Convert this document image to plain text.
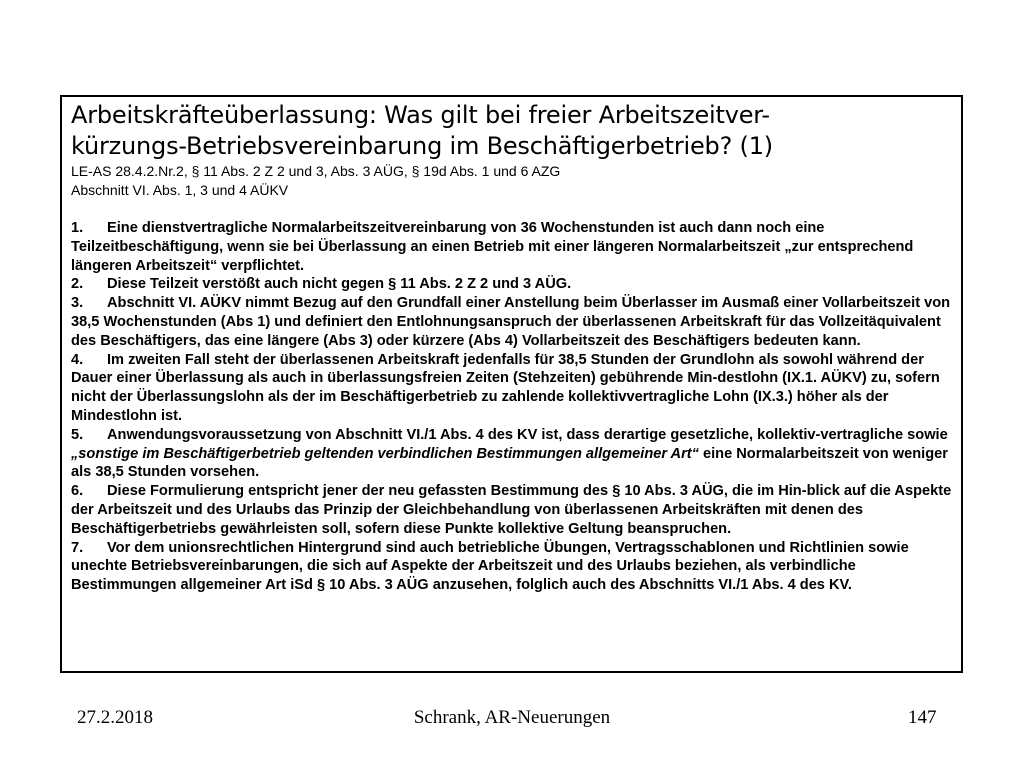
Arbeitskräfteüberlassung: Was gilt bei freier Arbeitszeitver-
kürzungs-Betriebsvereinbarung im Beschäftigerbetrieb? (1)
LE-AS 28.4.2.Nr.2, § 11 Abs. 2 Z 2 und 3, Abs. 3 AÜG, § 19d Abs. 1 und 6 AZG
Abschnitt VI. Abs. 1, 3 und 4 AÜKV
1. Eine dienstvertragliche Normalarbeitszeitvereinbarung von 36 Wochenstunden ist auch dann noch eine Teilzeitbeschäftigung, wenn sie bei Überlassung an einen Betrieb mit einer längeren Normalarbeitszeit „zur entsprechend längeren Arbeitszeit“ verpflichtet.
2. Diese Teilzeit verstößt auch nicht gegen § 11 Abs. 2 Z 2 und 3 AÜG.
3. Abschnitt VI. AÜKV nimmt Bezug auf den Grundfall einer Anstellung beim Überlasser im Ausmaß einer Vollarbeitszeit von 38,5 Wochenstunden (Abs 1) und definiert den Entlohnungsanspruch der überlassenen Arbeitskraft für das Vollzeitäquivalent des Beschäftigers, das eine längere (Abs 3) oder kürzere (Abs 4) Vollarbeitszeit des Beschäftigers bedeuten kann.
4. Im zweiten Fall steht der überlassenen Arbeitskraft jedenfalls für 38,5 Stunden der Grundlohn als sowohl während der Dauer einer Überlassung als auch in überlassungsfreien Zeiten (Stehzeiten) gebührende Min-destlohn (IX.1. AÜKV) zu, sofern nicht der Überlassungslohn als der im Beschäftigerbetrieb zu zahlende kollektivvertragliche Lohn (IX.3.) höher als der Mindestlohn ist.
5. Anwendungsvoraussetzung von Abschnitt VI./1 Abs. 4 des KV ist, dass derartige gesetzliche, kollektiv-vertragliche sowie „sonstige im Beschäftigerbetrieb geltenden verbindlichen Bestimmungen allgemeiner Art“ eine Normalarbeitszeit von weniger als 38,5 Stunden vorsehen.
6. Diese Formulierung entspricht jener der neu gefassten Bestimmung des § 10 Abs. 3 AÜG, die im Hin-blick auf die Aspekte der Arbeitszeit und des Urlaubs das Prinzip der Gleichbehandlung von überlassenen Arbeitskräften mit denen des Beschäftigerbetriebs gewährleisten soll, sofern diese Punkte kollektive Geltung beanspruchen.
7. Vor dem unionsrechtlichen Hintergrund sind auch betriebliche Übungen, Vertragsschablonen und Richtlinien sowie unechte Betriebsvereinbarungen, die sich auf Aspekte der Arbeitszeit und des Urlaubs beziehen, als verbindliche Bestimmungen allgemeiner Art iSd § 10 Abs. 3 AÜG anzusehen, folglich auch des Abschnitts VI./1 Abs. 4 des KV.
27.2.2018	Schrank, AR-Neuerungen	147
